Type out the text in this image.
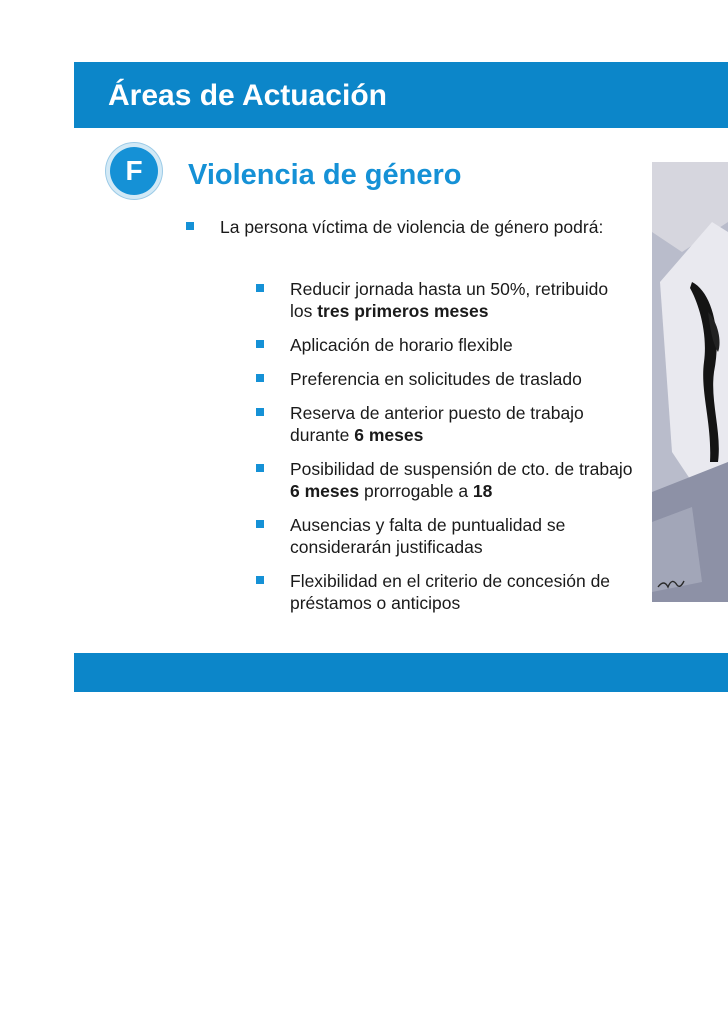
Áreas de Actuación
F	Violencia de género
La persona víctima de violencia de género podrá:
Reducir jornada hasta un 50%, retribuido los tres primeros meses
Aplicación de horario flexible
Preferencia en solicitudes de traslado
Reserva de anterior puesto de trabajo durante 6 meses
Posibilidad de suspensión de cto. de trabajo 6 meses prorrogable a 18
Ausencias y falta de puntualidad se considerarán justificadas
Flexibilidad en el criterio de concesión de préstamos o anticipos
